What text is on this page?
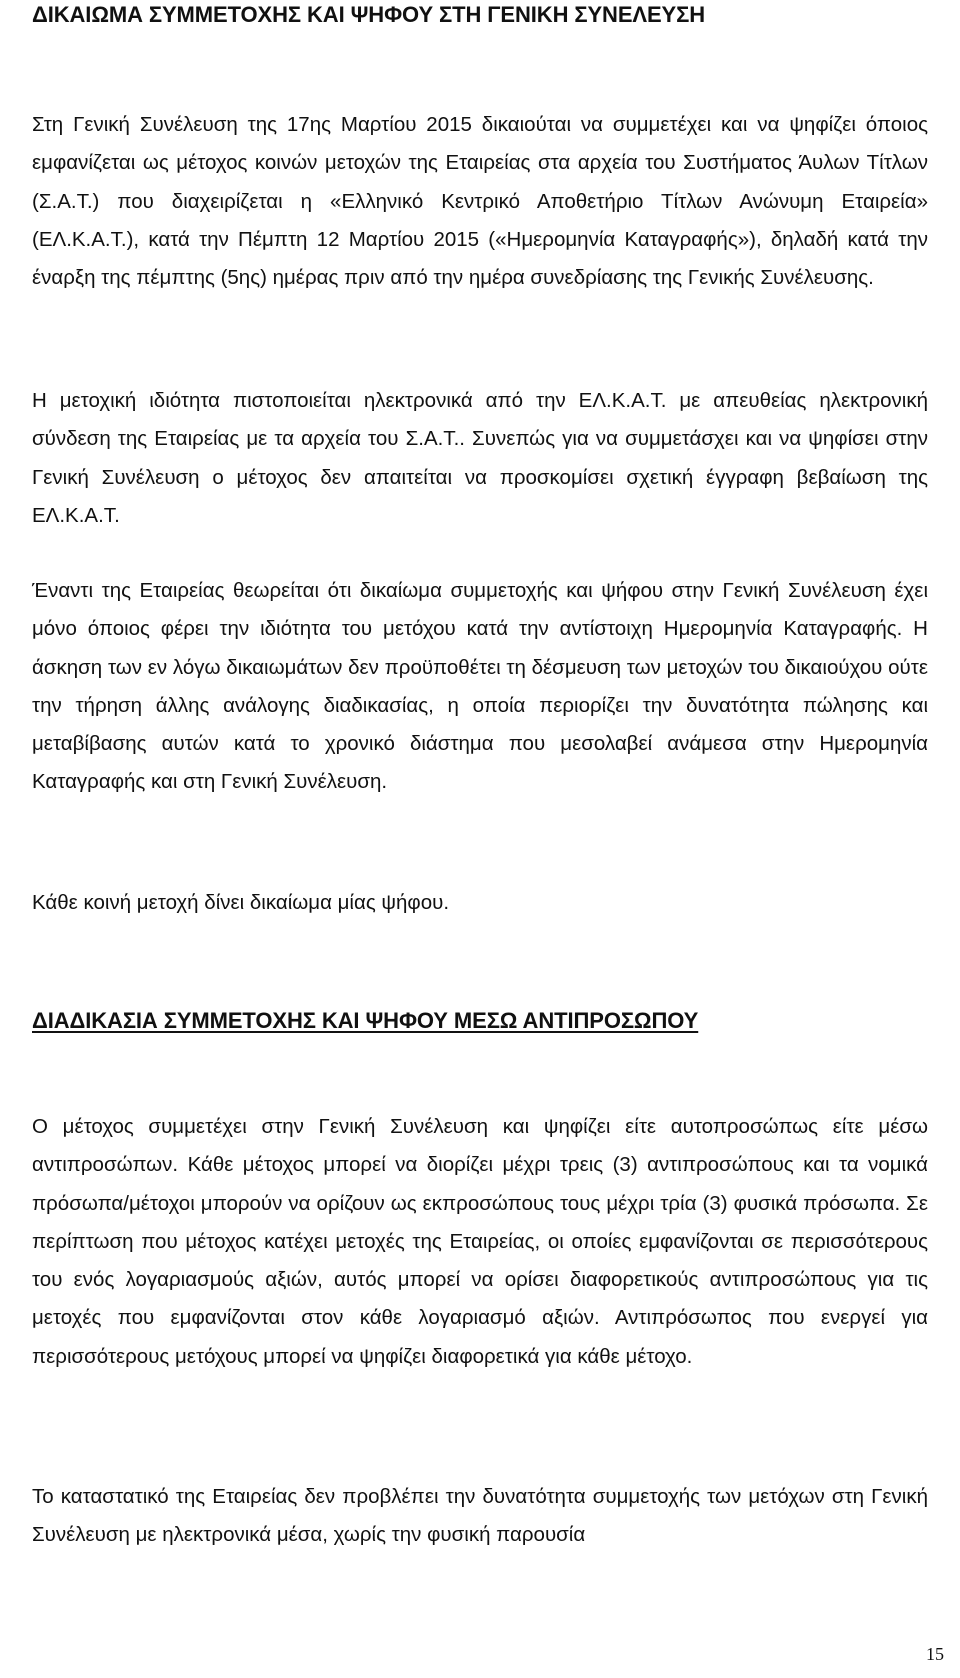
ΔΙΚΑΙΩΜΑ ΣΥΜΜΕΤΟΧΗΣ ΚΑΙ ΨΗΦΟΥ ΣΤΗ ΓΕΝΙΚΗ ΣΥΝΕΛΕΥΣΗ

Στη Γενική Συνέλευση της 17ης Μαρτίου 2015 δικαιούται να συμμετέχει και να ψηφίζει όποιος εμφανίζεται ως μέτοχος κοινών μετοχών της Εταιρείας στα αρχεία του Συστήματος Άυλων Τίτλων (Σ.Α.Τ.) που διαχειρίζεται η «Ελληνικό Κεντρικό Αποθετήριο Τίτλων Ανώνυμη Εταιρεία» (ΕΛ.Κ.Α.Τ.), κατά την Πέμπτη 12 Μαρτίου 2015 («Ημερομηνία Καταγραφής»), δηλαδή κατά την έναρξη της πέμπτης (5ης) ημέρας πριν από την ημέρα συνεδρίασης της Γενικής Συνέλευσης.

Η μετοχική ιδιότητα πιστοποιείται ηλεκτρονικά από την ΕΛ.Κ.Α.Τ. με απευθείας ηλεκτρονική σύνδεση της Εταιρείας με τα αρχεία του Σ.Α.Τ.. Συνεπώς για να συμμετάσχει και να ψηφίσει στην Γενική Συνέλευση ο μέτοχος δεν απαιτείται να προσκομίσει σχετική έγγραφη βεβαίωση της ΕΛ.Κ.Α.Τ.

Έναντι της Εταιρείας θεωρείται ότι δικαίωμα συμμετοχής και ψήφου στην Γενική Συνέλευση έχει μόνο όποιος φέρει την ιδιότητα του μετόχου κατά την αντίστοιχη Ημερομηνία Καταγραφής. Η άσκηση των εν λόγω δικαιωμάτων δεν προϋποθέτει τη δέσμευση των μετοχών του δικαιούχου ούτε την τήρηση άλλης ανάλογης διαδικασίας, η οποία περιορίζει την δυνατότητα πώλησης και μεταβίβασης αυτών κατά το χρονικό διάστημα που μεσολαβεί ανάμεσα στην Ημερομηνία Καταγραφής και στη Γενική Συνέλευση.

Κάθε κοινή μετοχή δίνει δικαίωμα μίας ψήφου.

ΔΙΑΔΙΚΑΣΙΑ ΣΥΜΜΕΤΟΧΗΣ ΚΑΙ ΨΗΦΟΥ ΜΕΣΩ ΑΝΤΙΠΡΟΣΩΠΟΥ

Ο μέτοχος συμμετέχει στην Γενική Συνέλευση και ψηφίζει είτε αυτοπροσώπως είτε μέσω αντιπροσώπων. Κάθε μέτοχος μπορεί να διορίζει μέχρι τρεις (3) αντιπροσώπους και τα νομικά πρόσωπα/μέτοχοι μπορούν να ορίζουν ως εκπροσώπους τους μέχρι τρία (3) φυσικά πρόσωπα. Σε περίπτωση που μέτοχος κατέχει μετοχές της Εταιρείας, οι οποίες εμφανίζονται σε περισσότερους του ενός λογαριασμούς αξιών, αυτός μπορεί να ορίσει διαφορετικούς αντιπροσώπους για τις μετοχές που εμφανίζονται στον κάθε λογαριασμό αξιών. Αντιπρόσωπος που ενεργεί για περισσότερους μετόχους μπορεί να ψηφίζει διαφορετικά για κάθε μέτοχο.

Το καταστατικό της Εταιρείας δεν προβλέπει την δυνατότητα συμμετοχής των μετόχων στη Γενική Συνέλευση με ηλεκτρονικά μέσα, χωρίς την φυσική παρουσία

15
